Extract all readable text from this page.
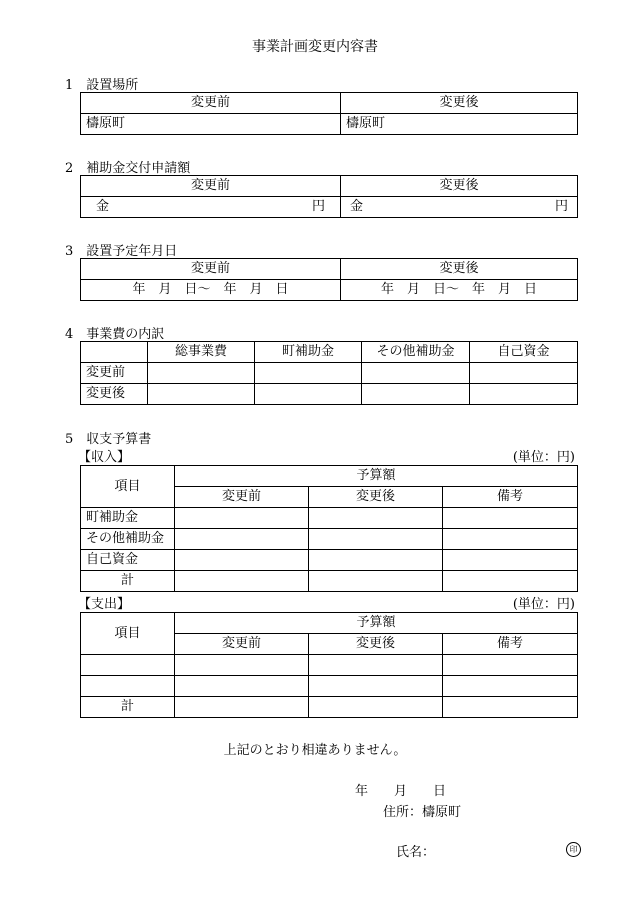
事業計画変更内容書
1　 設置場所
変更前	変更後
檮原町	檮原町
2　 補助金交付申請額
変更前	変更後

金 円	金 円
3　 設置予定年月日
変更前	変更後
年　月　日～　年　月　日	年　月　日～　年　月　日
4　 事業費の内訳
	総事業費	町補助金	その他補助金	自己資金
変更前				
変更後				
5　 収支予算書
【収入】	(単位：円)
項目	予算額		
	変更前	変更後	備考
町補助金			
その他補助金			
自己資金			
計			
【支出】	(単位：円)
項目	予算額		
	変更前	変更後	備考

計			
上記のとおり相違ありません。
年　　月　　日
住所：檮原町
氏名：	印
